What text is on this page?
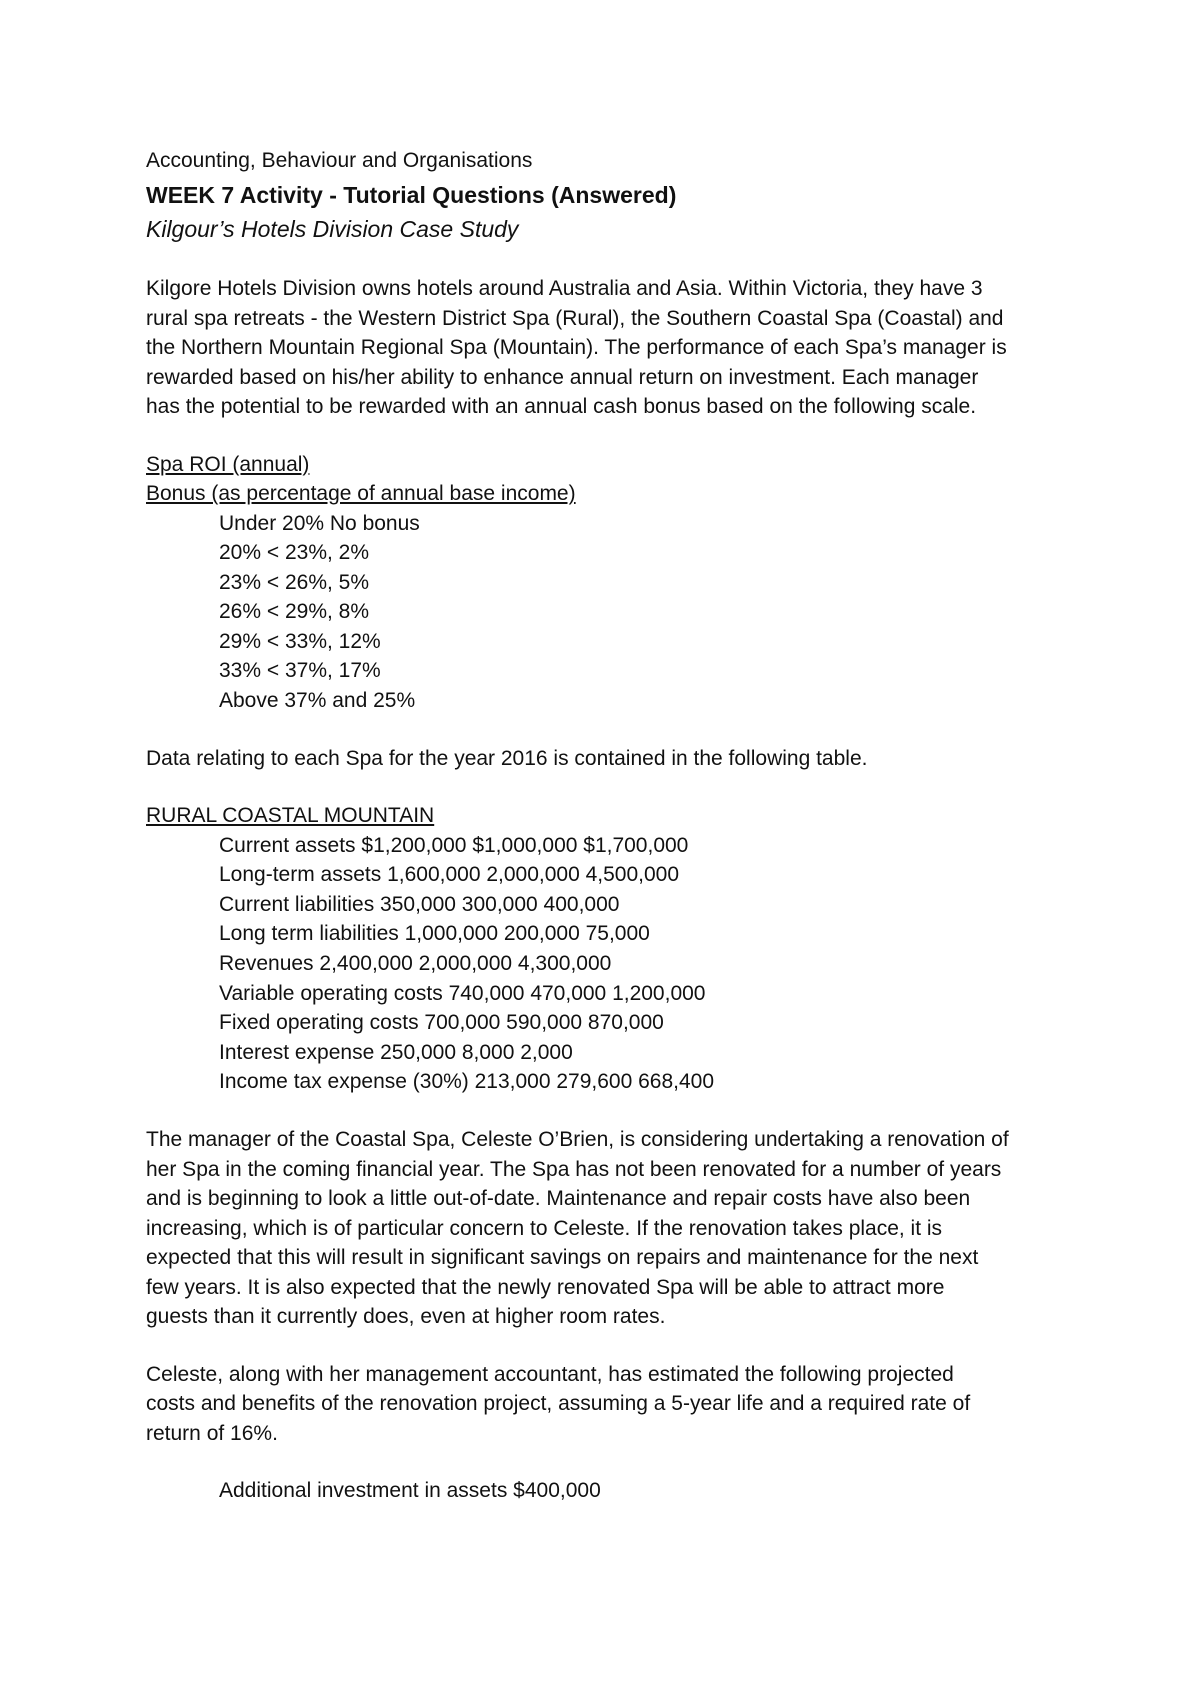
Accounting, Behaviour and Organisations

WEEK 7 Activity - Tutorial Questions (Answered)

Kilgour’s Hotels Division Case Study

Kilgore Hotels Division owns hotels around Australia and Asia. Within Victoria, they have 3

rural spa retreats - the Western District Spa (Rural), the Southern Coastal Spa (Coastal) and

the Northern Mountain Regional Spa (Mountain). The performance of each Spa’s manager is

rewarded based on his/her ability to enhance annual return on investment. Each manager

has the potential to be rewarded with an annual cash bonus based on the following scale.

Spa ROI (annual)

Bonus (as percentage of annual base income)

Under 20% No bonus

20% < 23%, 2%

23% < 26%, 5%

26% < 29%, 8%

29% < 33%, 12%

33% < 37%, 17%

Above 37% and 25%

Data relating to each Spa for the year 2016 is contained in the following table.

RURAL COASTAL MOUNTAIN

Current assets $1,200,000 $1,000,000 $1,700,000

Long-term assets 1,600,000 2,000,000 4,500,000

Current liabilities 350,000 300,000 400,000

Long term liabilities 1,000,000 200,000 75,000

Revenues 2,400,000 2,000,000 4,300,000

Variable operating costs 740,000 470,000 1,200,000

Fixed operating costs 700,000 590,000 870,000

Interest expense 250,000 8,000 2,000

Income tax expense (30%) 213,000 279,600 668,400

The manager of the Coastal Spa, Celeste O’Brien, is considering undertaking a renovation of

her Spa in the coming financial year. The Spa has not been renovated for a number of years

and is beginning to look a little out-of-date. Maintenance and repair costs have also been

increasing, which is of particular concern to Celeste. If the renovation takes place, it is

expected that this will result in significant savings on repairs and maintenance for the next

few years. It is also expected that the newly renovated Spa will be able to attract more

guests than it currently does, even at higher room rates.

Celeste, along with her management accountant, has estimated the following projected

costs and benefits of the renovation project, assuming a 5-year life and a required rate of

return of 16%.

Additional investment in assets $400,000
